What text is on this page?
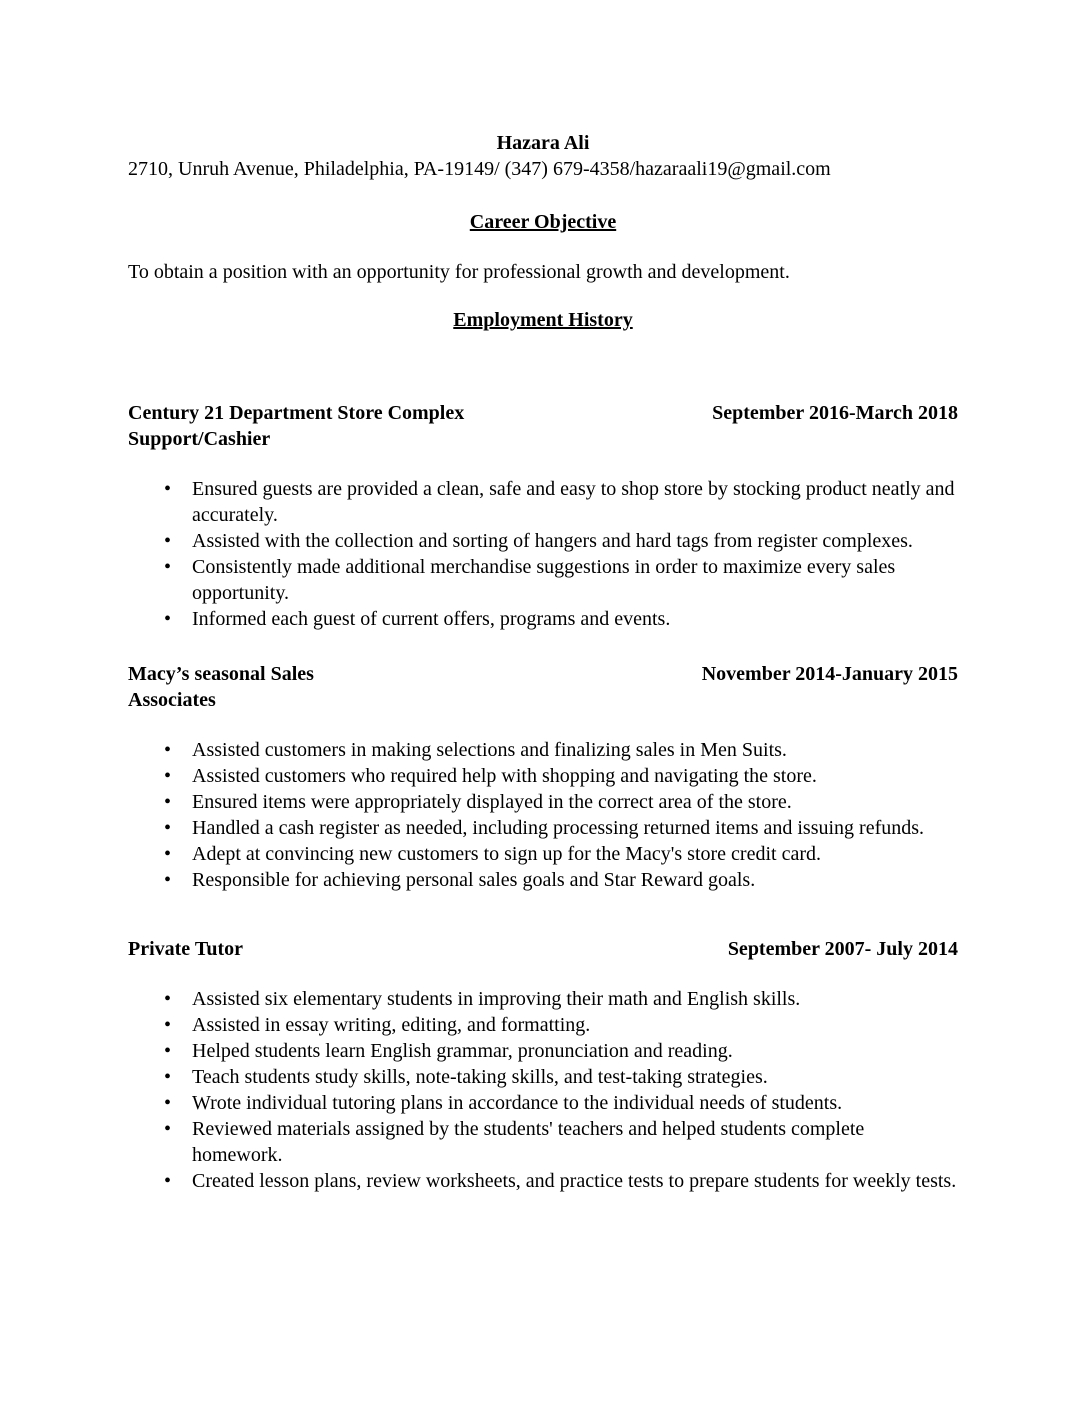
Hazara Ali
2710, Unruh Avenue, Philadelphia, PA-19149/ (347) 679-4358/hazaraali19@gmail.com
Career Objective
To obtain a position with an opportunity for professional growth and development.
Employment History
Century 21 Department Store Complex	September 2016-March 2018
Support/Cashier
• Ensured guests are provided a clean, safe and easy to shop store by stocking product neatly and accurately.
• Assisted with the collection and sorting of hangers and hard tags from register complexes.
• Consistently made additional merchandise suggestions in order to maximize every sales opportunity.
• Informed each guest of current offers, programs and events.
Macy’s seasonal Sales	November 2014-January 2015
Associates
• Assisted customers in making selections and finalizing sales in Men Suits.
• Assisted customers who required help with shopping and navigating the store.
• Ensured items were appropriately displayed in the correct area of the store.
• Handled a cash register as needed, including processing returned items and issuing refunds.
• Adept at convincing new customers to sign up for the Macy's store credit card.
• Responsible for achieving personal sales goals and Star Reward goals.
Private Tutor	September 2007- July 2014
• Assisted six elementary students in improving their math and English skills.
• Assisted in essay writing, editing, and formatting.
• Helped students learn English grammar, pronunciation and reading.
• Teach students study skills, note-taking skills, and test-taking strategies.
• Wrote individual tutoring plans in accordance to the individual needs of students.
• Reviewed materials assigned by the students' teachers and helped students complete homework.
• Created lesson plans, review worksheets, and practice tests to prepare students for weekly tests.
